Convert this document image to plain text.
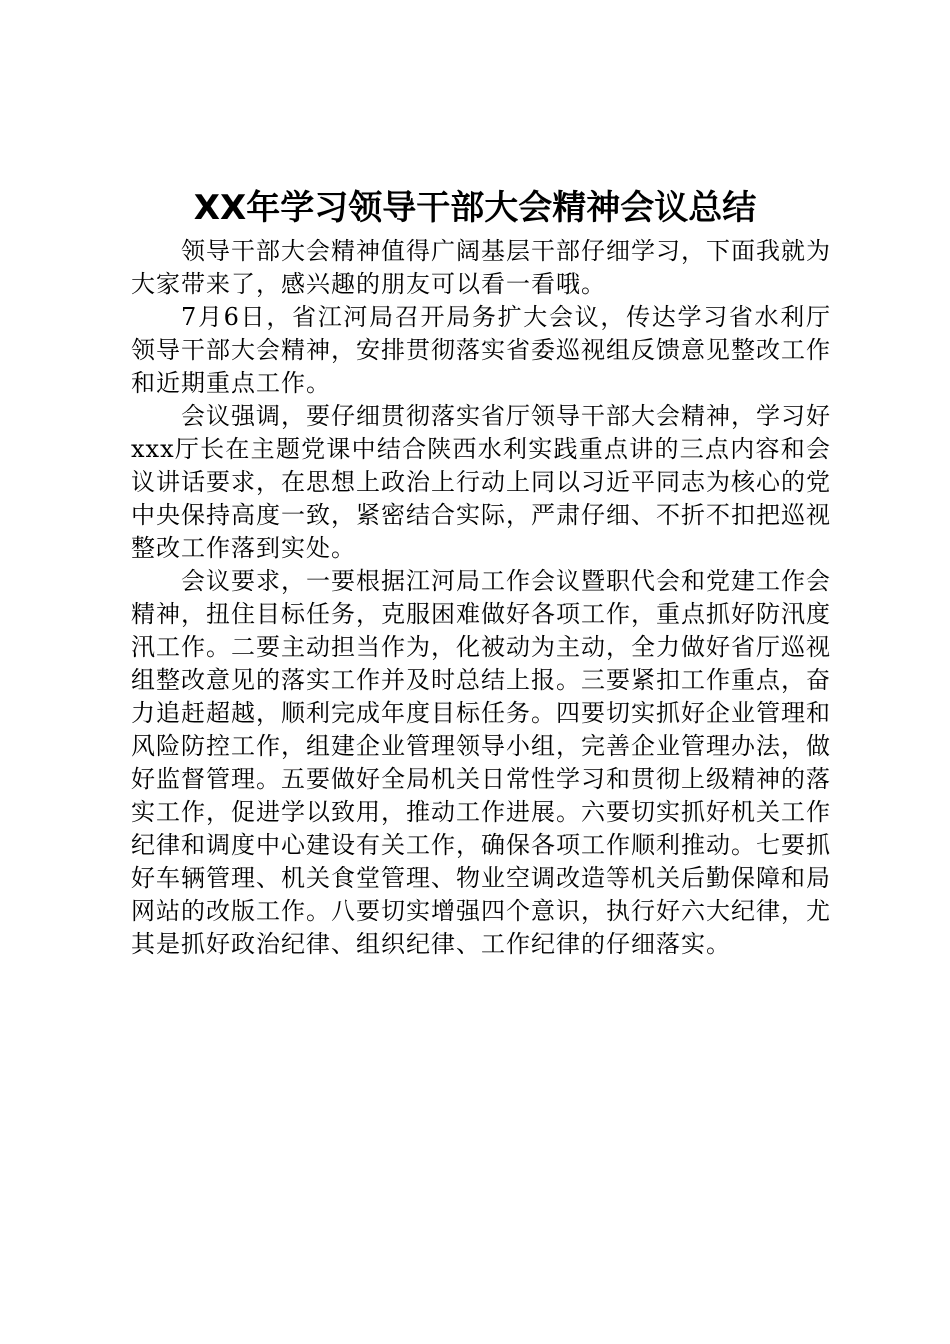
XX年学习领导干部大会精神会议总结

领导干部大会精神值得广阔基层干部仔细学习，下面我就为大家带来了，感兴趣的朋友可以看一看哦。

7月6日，省江河局召开局务扩大会议，传达学习省水利厅领导干部大会精神，安排贯彻落实省委巡视组反馈意见整改工作和近期重点工作。

会议强调，要仔细贯彻落实省厅领导干部大会精神，学习好xxx厅长在主题党课中结合陕西水利实践重点讲的三点内容和会议讲话要求，在思想上政治上行动上同以习近平同志为核心的党中央保持高度一致，紧密结合实际，严肃仔细、不折不扣把巡视整改工作落到实处。

会议要求，一要根据江河局工作会议暨职代会和党建工作会精神，扭住目标任务，克服困难做好各项工作，重点抓好防汛度汛工作。二要主动担当作为，化被动为主动，全力做好省厅巡视组整改意见的落实工作并及时总结上报。三要紧扣工作重点，奋力追赶超越，顺利完成年度目标任务。四要切实抓好企业管理和风险防控工作，组建企业管理领导小组，完善企业管理办法，做好监督管理。五要做好全局机关日常性学习和贯彻上级精神的落实工作，促进学以致用，推动工作进展。六要切实抓好机关工作纪律和调度中心建设有关工作，确保各项工作顺利推动。七要抓好车辆管理、机关食堂管理、物业空调改造等机关后勤保障和局网站的改版工作。八要切实增强四个意识，执行好六大纪律，尤其是抓好政治纪律、组织纪律、工作纪律的仔细落实。
